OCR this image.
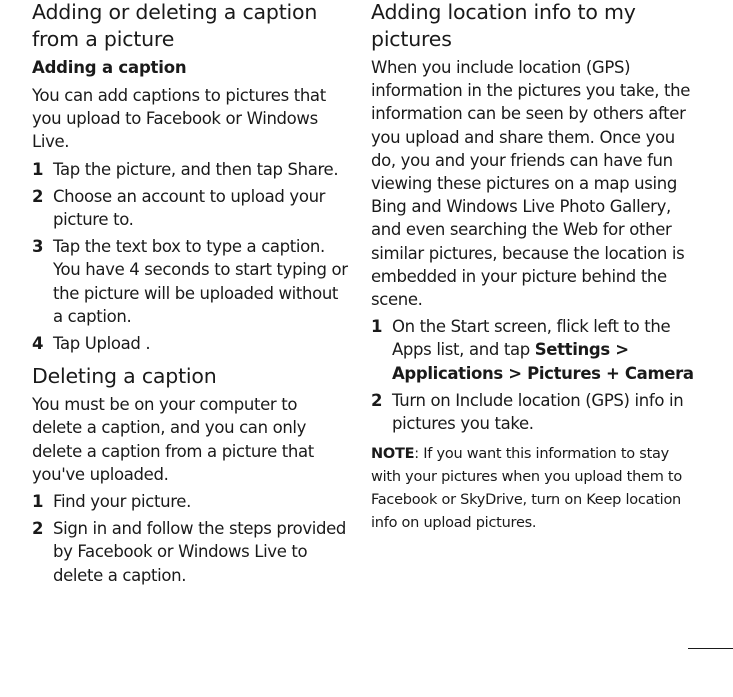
Adding or deleting a caption
from a picture
Adding a caption

You can add captions to pictures that you upload to Facebook or Windows Live.

1 Tap the picture, and then tap Share.
2 Choose an account to upload your picture to.
3 Tap the text box to type a caption. You have 4 seconds to start typing or the picture will be uploaded without a caption.
4 Tap Upload .
Deleting a caption

You must be on your computer to delete a caption, and you can only delete a caption from a picture that you've uploaded.

1 Find your picture.
2 Sign in and follow the steps provided by Facebook or Windows Live to delete a caption.
Adding location info to my
pictures

When you include location (GPS) information in the pictures you take, the information can be seen by others after you upload and share them. Once you do, you and your friends can have fun viewing these pictures on a map using Bing and Windows Live Photo Gallery, and even searching the Web for other similar pictures, because the location is embedded in your picture behind the scene.

1 On the Start screen, flick left to the Apps list, and tap Settings > Applications > Pictures + Camera
2 Turn on Include location (GPS) info in pictures you take.

NOTE: If you want this information to stay with your pictures when you upload them to Facebook or SkyDrive, turn on Keep location info on upload pictures.
